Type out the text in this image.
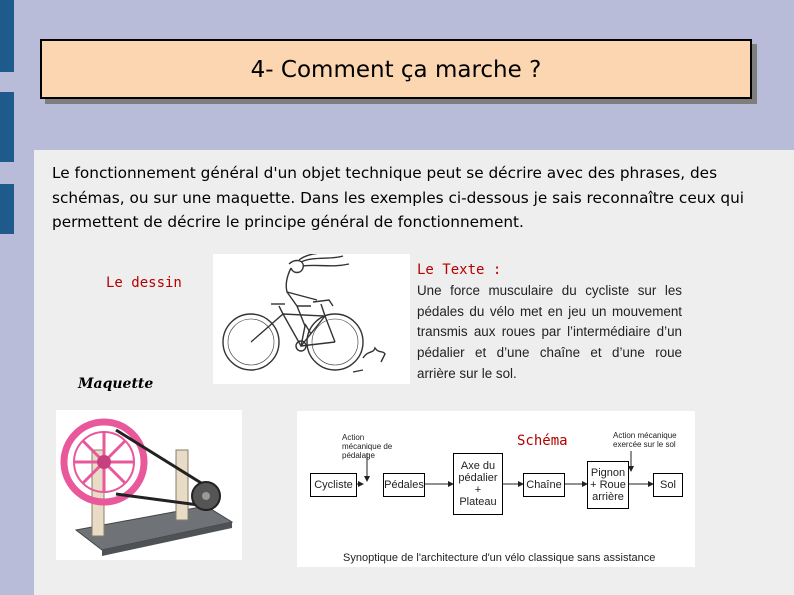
4- Comment ça marche ?

Le fonctionnement général d'un objet technique peut se décrire avec des phrases, des schémas, ou sur une maquette. Dans les exemples ci-dessous je sais reconnaître ceux qui permettent de décrire le principe général de fonctionnement.

Le dessin
Maquette
Le Texte :
Une force musculaire du cycliste sur les pédales du vélo met en jeu un mouvement transmis aux roues par l’intermédiaire d’un pédalier et d’une chaîne et d’une roue arrière sur le sol.
Action mécanique de pédalage
Action mécanique exercée sur le sol
Schéma
Cycliste	Pédales
Axe du pédalier + Plateau
Chaîne
Pignon + Roue arrière
Sol
Synoptique de l'architecture d'un vélo classique sans assistance
